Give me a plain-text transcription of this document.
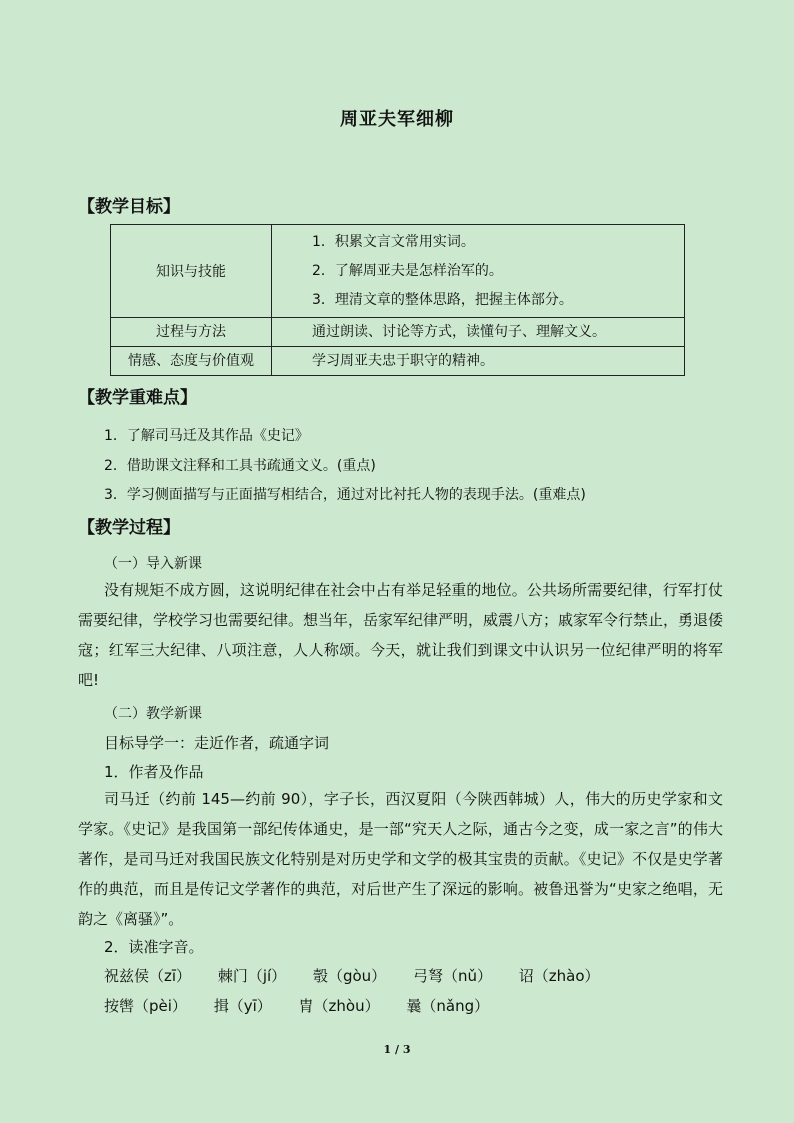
周亚夫军细柳
【教学目标】
知识与技能	1．积累文言文常用实词。
2．了解周亚夫是怎样治军的。
3．理清文章的整体思路，把握主体部分。

过程与方法	通过朗读、讨论等方式，读懂句子、理解文义。
情感、态度与价值观	学习周亚夫忠于职守的精神。
【教学重难点】
1．了解司马迁及其作品《史记》
2．借助课文注释和工具书疏通文义。(重点)
3．学习侧面描写与正面描写相结合，通过对比衬托人物的表现手法。(重难点)
【教学过程】
（一）导入新课
没有规矩不成方圆，这说明纪律在社会中占有举足轻重的地位。公共场所需要纪律，行军打仗需要纪律，学校学习也需要纪律。想当年，岳家军纪律严明，威震八方；戚家军令行禁止，勇退倭寇；红军三大纪律、八项注意，人人称颂。今天，就让我们到课文中认识另一位纪律严明的将军吧!
（二）教学新课
目标导学一：走近作者，疏通字词
1．作者及作品
司马迁（约前 145—约前 90），字子长，西汉夏阳（今陕西韩城）人，伟大的历史学家和文学家。《史记》是我国第一部纪传体通史，是一部“究天人之际，通古今之变，成一家之言”的伟大著作，是司马迁对我国民族文化特别是对历史学和文学的极其宝贵的贡献。《史记》不仅是史学著作的典范，而且是传记文学著作的典范，对后世产生了深远的影响。被鲁迅誉为“史家之绝唱，无韵之《离骚》”。
2．读准字音。
祝兹侯（zī） 棘门（jí） 彀（gòu） 弓弩（nǔ） 诏（zhào）
按辔（pèi） 揖（yī） 胄（zhòu） 曩（nǎng）
1 / 3
